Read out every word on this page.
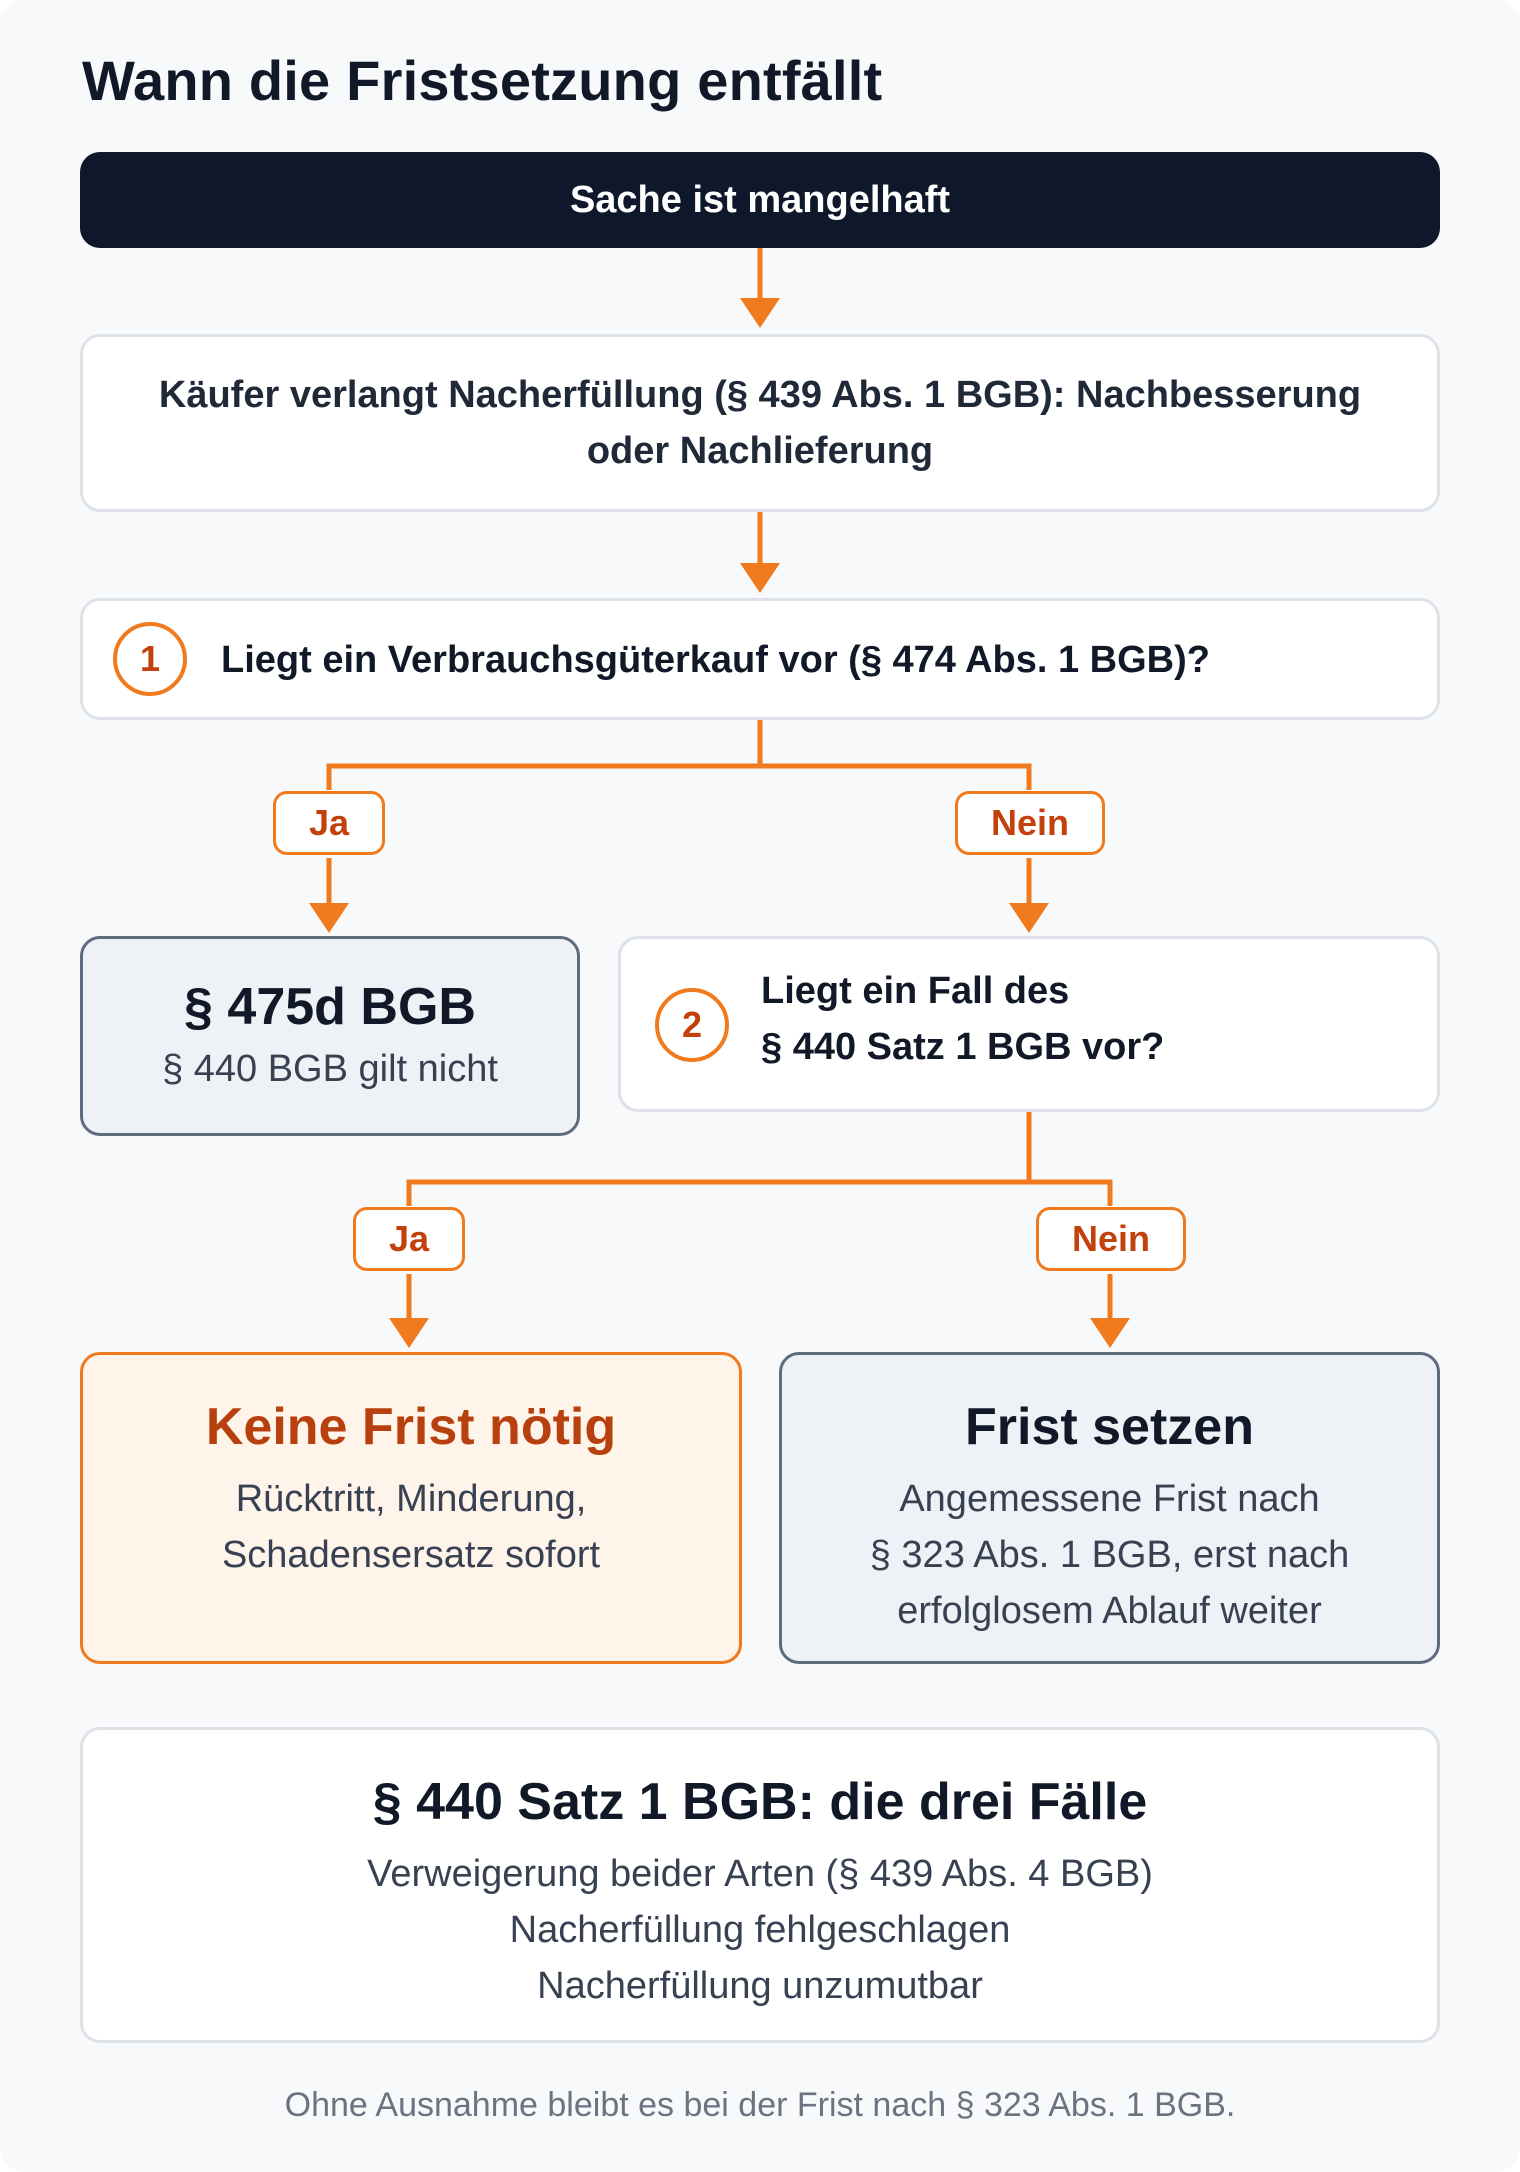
Wann die Fristsetzung entfällt
Sache ist mangelhaft
Käufer verlangt Nacherfüllung (§ 439 Abs. 1 BGB): Nachbesserung
oder Nachlieferung
1	Liegt ein Verbrauchsgüterkauf vor (§ 474 Abs. 1 BGB)?
Ja	Nein
§ 475d BGB
§ 440 BGB gilt nicht
2
Liegt ein Fall des
§ 440 Satz 1 BGB vor?
Ja	Nein
Keine Frist nötig
Rücktritt, Minderung,
Schadensersatz sofort
Frist setzen
Angemessene Frist nach
§ 323 Abs. 1 BGB, erst nach
erfolglosem Ablauf weiter
§ 440 Satz 1 BGB: die drei Fälle
Verweigerung beider Arten (§ 439 Abs. 4 BGB)
Nacherfüllung fehlgeschlagen
Nacherfüllung unzumutbar
Ohne Ausnahme bleibt es bei der Frist nach § 323 Abs. 1 BGB.
